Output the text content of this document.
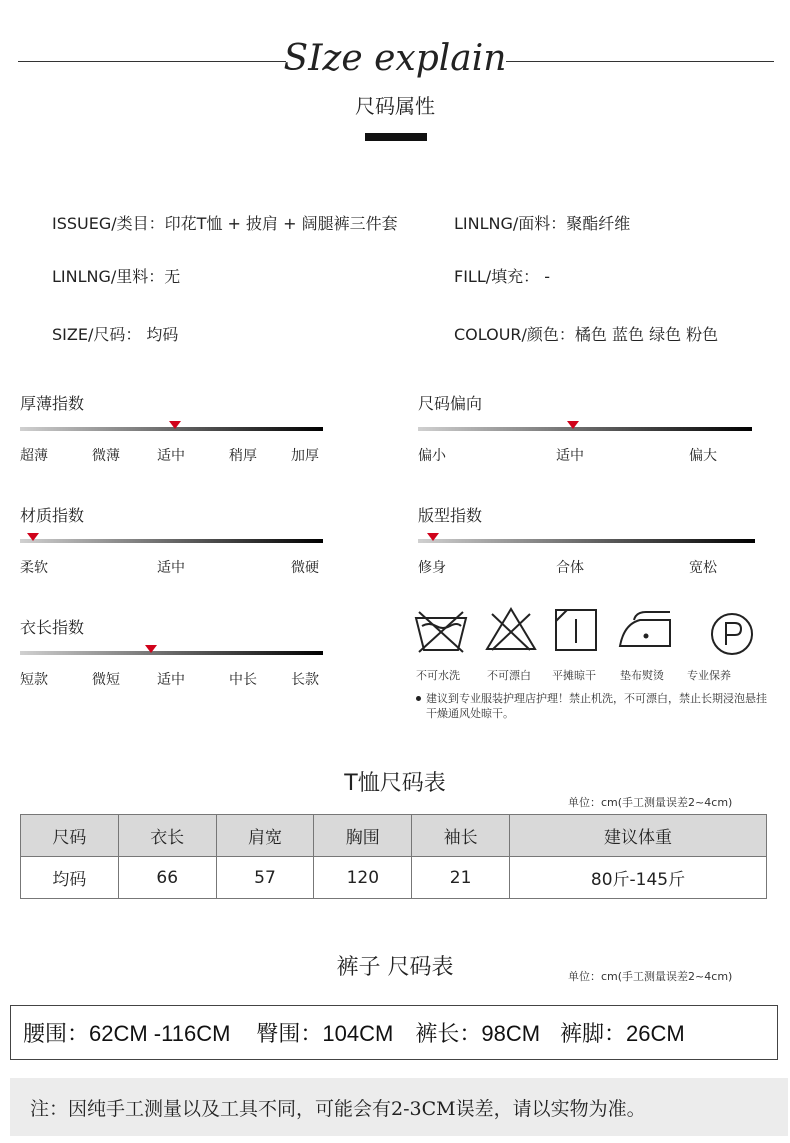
SIze explain
尺码属性
ISSUEG/类目：印花T恤 + 披肩 + 阔腿裤三件套	LINLNG/面料：聚酯纤维
LINLNG/里料：无	FILL/填充： -
SIZE/尺码： 均码	COLOUR/颜色：橘色 蓝色 绿色 粉色
厚薄指数
超薄	微薄	适中	稍厚 加厚
尺码偏向
偏小	适中	偏大
材质指数
柔软	适中	微硬
版型指数
修身	合体	宽松
衣长指数
短款	微短	适中	中长 长款	不可水洗 不可漂白 平摊晾干 垫布熨烫 专业保养
建议到专业服装护理店护理！禁止机洗，不可漂白，禁止长期浸泡悬挂干燥通风处晾干。
T恤尺码表
单位：cm(手工测量误差2~4cm)
尺码	衣长	肩宽	胸围	袖长	建议体重
均码	66	57	120	21	80斤-145斤
裤子 尺码表	单位：cm(手工测量误差2~4cm)
腰围：62CM -116CM 臀围：104CM 裤长：98CM 裤脚：26CM
注：因纯手工测量以及工具不同，可能会有2-3CM误差，请以实物为准。
